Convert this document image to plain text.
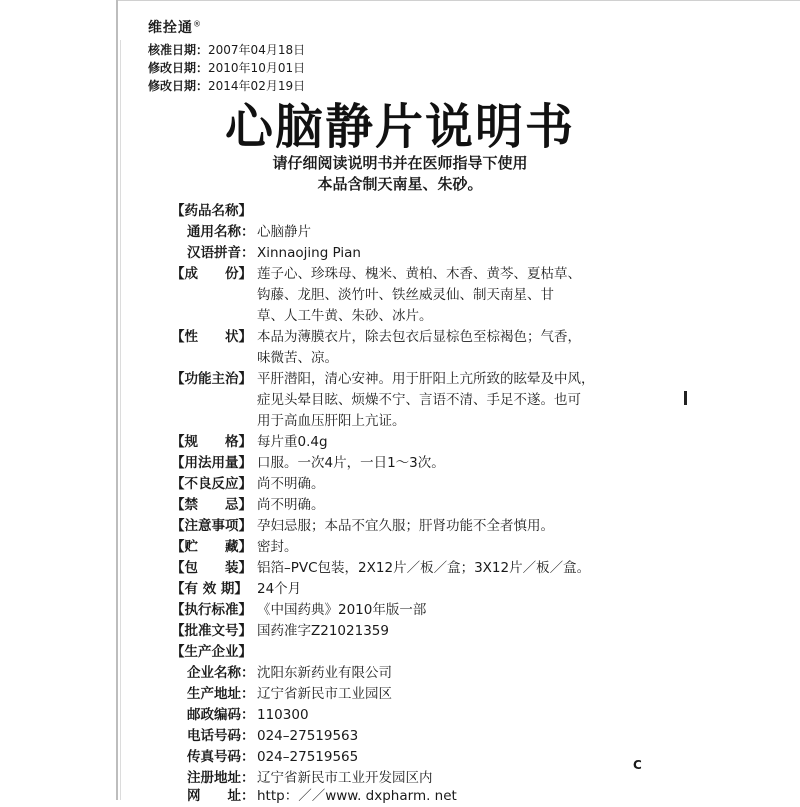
维拴通®
核准日期：2007年04月18日
修改日期：2010年10月01日
修改日期：2014年02月19日
心脑静片说明书
请仔细阅读说明书并在医师指导下使用
本品含制天南星、朱砂。
【药品名称】
通用名称： 心脑静片
汉语拼音： Xinnaojing Pian
【成　　份】 莲子心、珍珠母、槐米、黄柏、木香、黄芩、夏枯草、
钩藤、龙胆、淡竹叶、铁丝威灵仙、制天南星、甘
草、人工牛黄、朱砂、冰片。
【性　　状】 本品为薄膜衣片，除去包衣后显棕色至棕褐色；气香，
味微苦、凉。
【功能主治】 平肝潜阳，清心安神。用于肝阳上亢所致的眩晕及中风，
症见头晕目眩、烦燥不宁、言语不清、手足不遂。也可
用于高血压肝阳上亢证。
【规　　格】 每片重0.4g
【用法用量】 口服。一次4片，一日1～3次。
【不良反应】 尚不明确。
【禁　　忌】 尚不明确。
【注意事项】 孕妇忌服；本品不宜久服；肝肾功能不全者慎用。
【贮　　藏】 密封。
【包　　装】 铝箔–PVC包装，2X12片／板／盒；3X12片／板／盒。
【有 效 期】 24个月
【执行标准】 《中国药典》2010年版一部
【批准文号】 国药准字Z21021359
【生产企业】
企业名称： 沈阳东新药业有限公司
生产地址： 辽宁省新民市工业园区
邮政编码： 110300
电话号码： 024–27519563
传真号码： 024–27519565
注册地址： 辽宁省新民市工业开发园区内
网　　址： http：／／www. dxpharm. net
C
